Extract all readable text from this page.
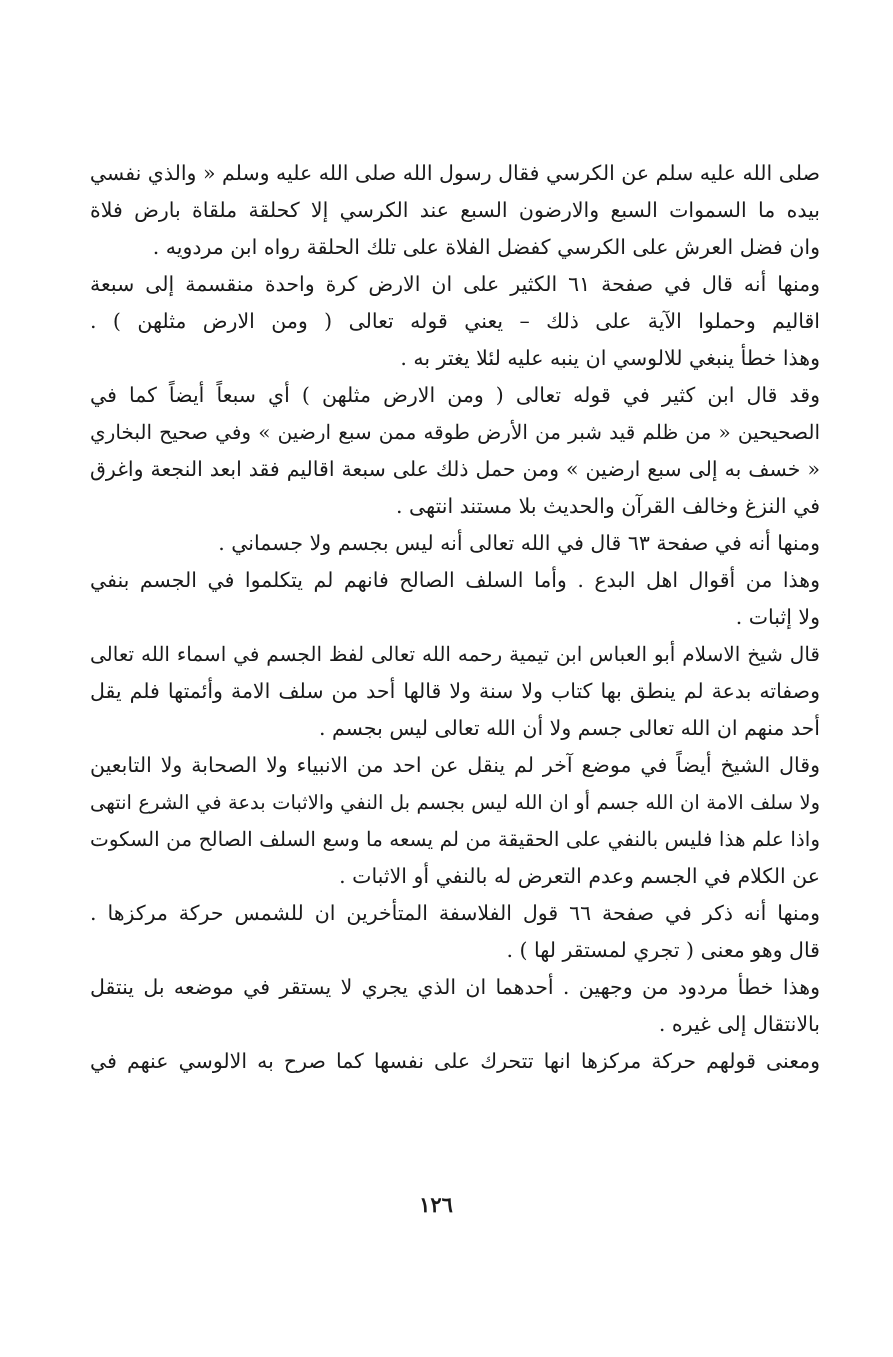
صلى الله عليه سلم عن الكرسي فقال رسول الله صلى الله عليه وسلم « والذي نفسي
بيده ما السموات السبع والارضون السبع عند الكرسي إلا كحلقة ملقاة بارض فلاة
وان فضل العرش على الكرسي كفضل الفلاة على تلك الحلقة رواه ابن مردويه .
ومنها أنه قال في صفحة ٦١ الكثير على ان الارض كرة واحدة منقسمة إلى سبعة
اقاليم وحملوا الآية على ذلك – يعني قوله تعالى ( ومن الارض مثلهن ) .
وهذا خطأ ينبغي للالوسي ان ينبه عليه لئلا يغتر به .
وقد قال ابن كثير في قوله تعالى ( ومن الارض مثلهن ) أي سبعاً أيضاً كما في
الصحيحين « من ظلم قيد شبر من الأرض طوقه ممن سبع ارضين » وفي صحيح البخاري
« خسف به إلى سبع ارضين » ومن حمل ذلك على سبعة اقاليم فقد ابعد النجعة واغرق
في النزغ وخالف القرآن والحديث بلا مستند انتهى .
ومنها أنه في صفحة ٦٣ قال في الله تعالى أنه ليس بجسم ولا جسماني .
وهذا من أقوال اهل البدع . وأما السلف الصالح فانهم لم يتكلموا في الجسم بنفي
ولا إثبات .
قال شيخ الاسلام أبو العباس ابن تيمية رحمه الله تعالى لفظ الجسم في اسماء الله تعالى
وصفاته بدعة لم ينطق بها كتاب ولا سنة ولا قالها أحد من سلف الامة وأئمتها فلم يقل
أحد منهم ان الله تعالى جسم ولا أن الله تعالى ليس بجسم .
وقال الشيخ أيضاً في موضع آخر لم ينقل عن احد من الانبياء ولا الصحابة ولا التابعين
ولا سلف الامة ان الله جسم أو ان الله ليس بجسم بل النفي والاثبات بدعة في الشرع انتهى
واذا علم هذا فليس بالنفي على الحقيقة من لم يسعه ما وسع السلف الصالح من السكوت
عن الكلام في الجسم وعدم التعرض له بالنفي أو الاثبات .
ومنها أنه ذكر في صفحة ٦٦ قول الفلاسفة المتأخرين ان للشمس حركة مركزها .
قال وهو معنى ( تجري لمستقر لها ) .
وهذا خطأ مردود من وجهين . أحدهما ان الذي يجري لا يستقر في موضعه بل ينتقل
بالانتقال إلى غيره .
ومعنى قولهم حركة مركزها انها تتحرك على نفسها كما صرح به الالوسي عنهم في
١٢٦
